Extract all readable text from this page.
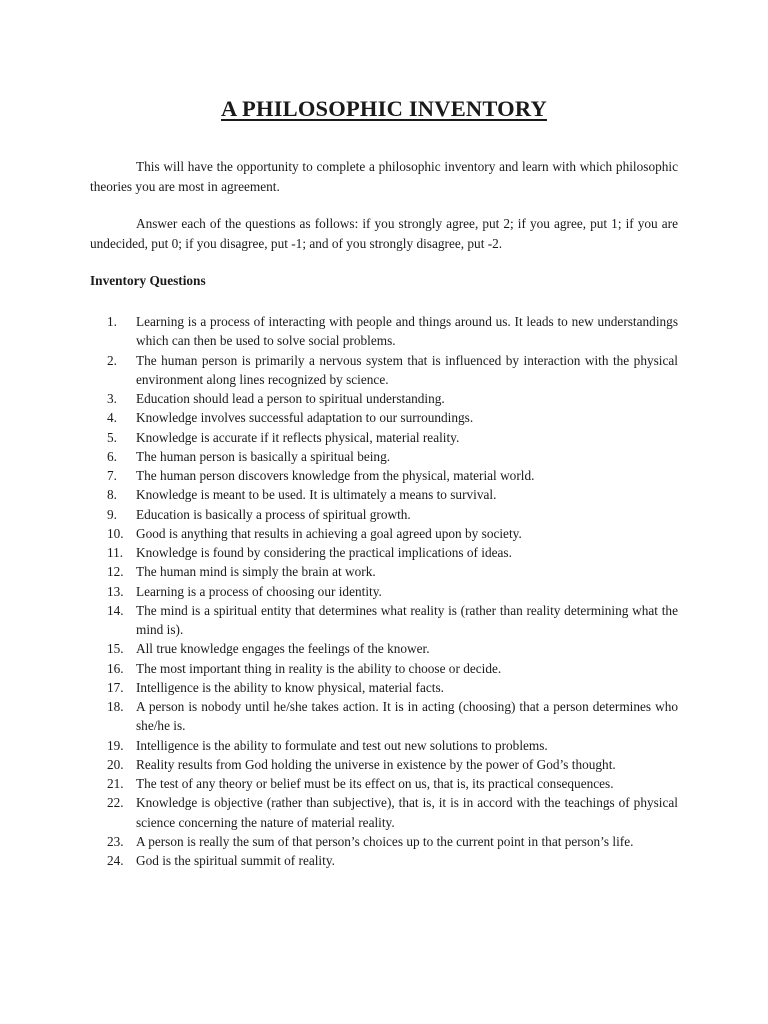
A PHILOSOPHIC INVENTORY

This will have the opportunity to complete a philosophic inventory and learn with which philosophic theories you are most in agreement.

Answer each of the questions as follows: if you strongly agree, put 2; if you agree, put 1; if you are undecided, put 0; if you disagree, put -1; and of you strongly disagree, put -2.

Inventory Questions
1.	Learning is a process of interacting with people and things around us. It leads to new understandings which can then be used to solve social problems.
2.	The human person is primarily a nervous system that is influenced by interaction with the physical environment along lines recognized by science.
3.	Education should lead a person to spiritual understanding.
4.	Knowledge involves successful adaptation to our surroundings.
5.	Knowledge is accurate if it reflects physical, material reality.
6.	The human person is basically a spiritual being.
7.	The human person discovers knowledge from the physical, material world.
8.	Knowledge is meant to be used. It is ultimately a means to survival.
9.	Education is basically a process of spiritual growth.
10. Good is anything that results in achieving a goal agreed upon by society.
11. Knowledge is found by considering the practical implications of ideas.
12. The human mind is simply the brain at work.
13. Learning is a process of choosing our identity.
14. The mind is a spiritual entity that determines what reality is (rather than reality determining what the mind is).
15. All true knowledge engages the feelings of the knower.
16. The most important thing in reality is the ability to choose or decide.
17. Intelligence is the ability to know physical, material facts.
18. A person is nobody until he/she takes action. It is in acting (choosing) that a person determines who she/he is.
19. Intelligence is the ability to formulate and test out new solutions to problems.
20. Reality results from God holding the universe in existence by the power of God’s thought.
21. The test of any theory or belief must be its effect on us, that is, its practical consequences.
22. Knowledge is objective (rather than subjective), that is, it is in accord with the teachings of physical science concerning the nature of material reality.
23. A person is really the sum of that person’s choices up to the current point in that person’s life.
24. God is the spiritual summit of reality.
